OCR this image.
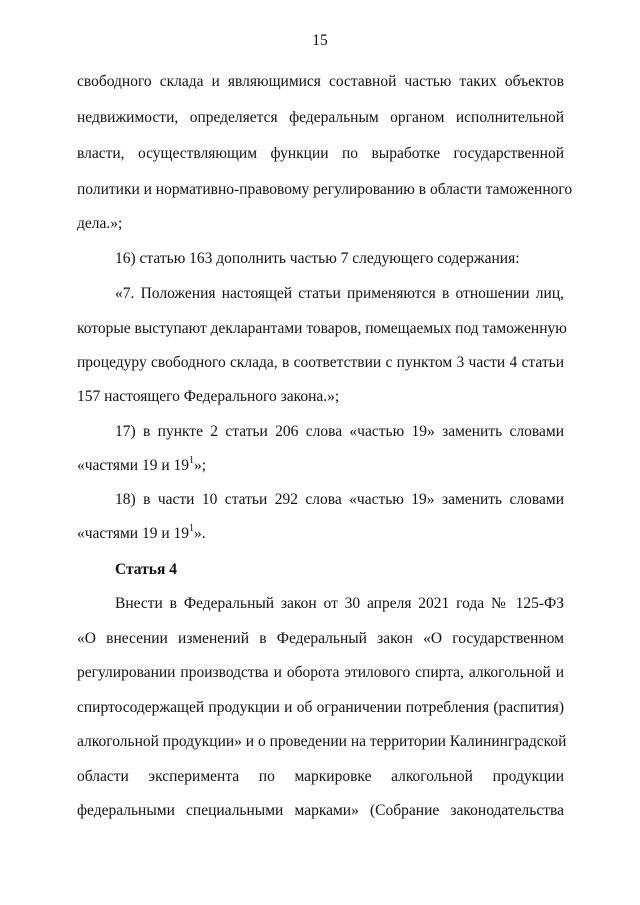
15
свободного склада и являющимися составной частью таких объектов
недвижимости, определяется федеральным органом исполнительной
власти, осуществляющим функции по выработке государственной
политики и нормативно-правовому регулированию в области таможенного
дела.»;
16) статью 163 дополнить частью 7 следующего содержания:
«7. Положения настоящей статьи применяются в отношении лиц,
которые выступают декларантами товаров, помещаемых под таможенную
процедуру свободного склада, в соответствии с пунктом 3 части 4 статьи
157 настоящего Федерального закона.»;
17) в пункте 2 статьи 206 слова «частью 19» заменить словами
«частями 19 и $19^1$»;
18) в части 10 статьи 292 слова «частью 19» заменить словами
«частями 19 и $19^1$».
Статья 4
Внести в Федеральный закон от 30 апреля 2021 года № 125-ФЗ
«О внесении изменений в Федеральный закон «О государственном
регулировании производства и оборота этилового спирта, алкогольной и
спиртосодержащей продукции и об ограничении потребления (распития)
алкогольной продукции» и о проведении на территории Калининградской
области эксперимента по маркировке алкогольной продукции
федеральными специальными марками» (Собрание законодательства
